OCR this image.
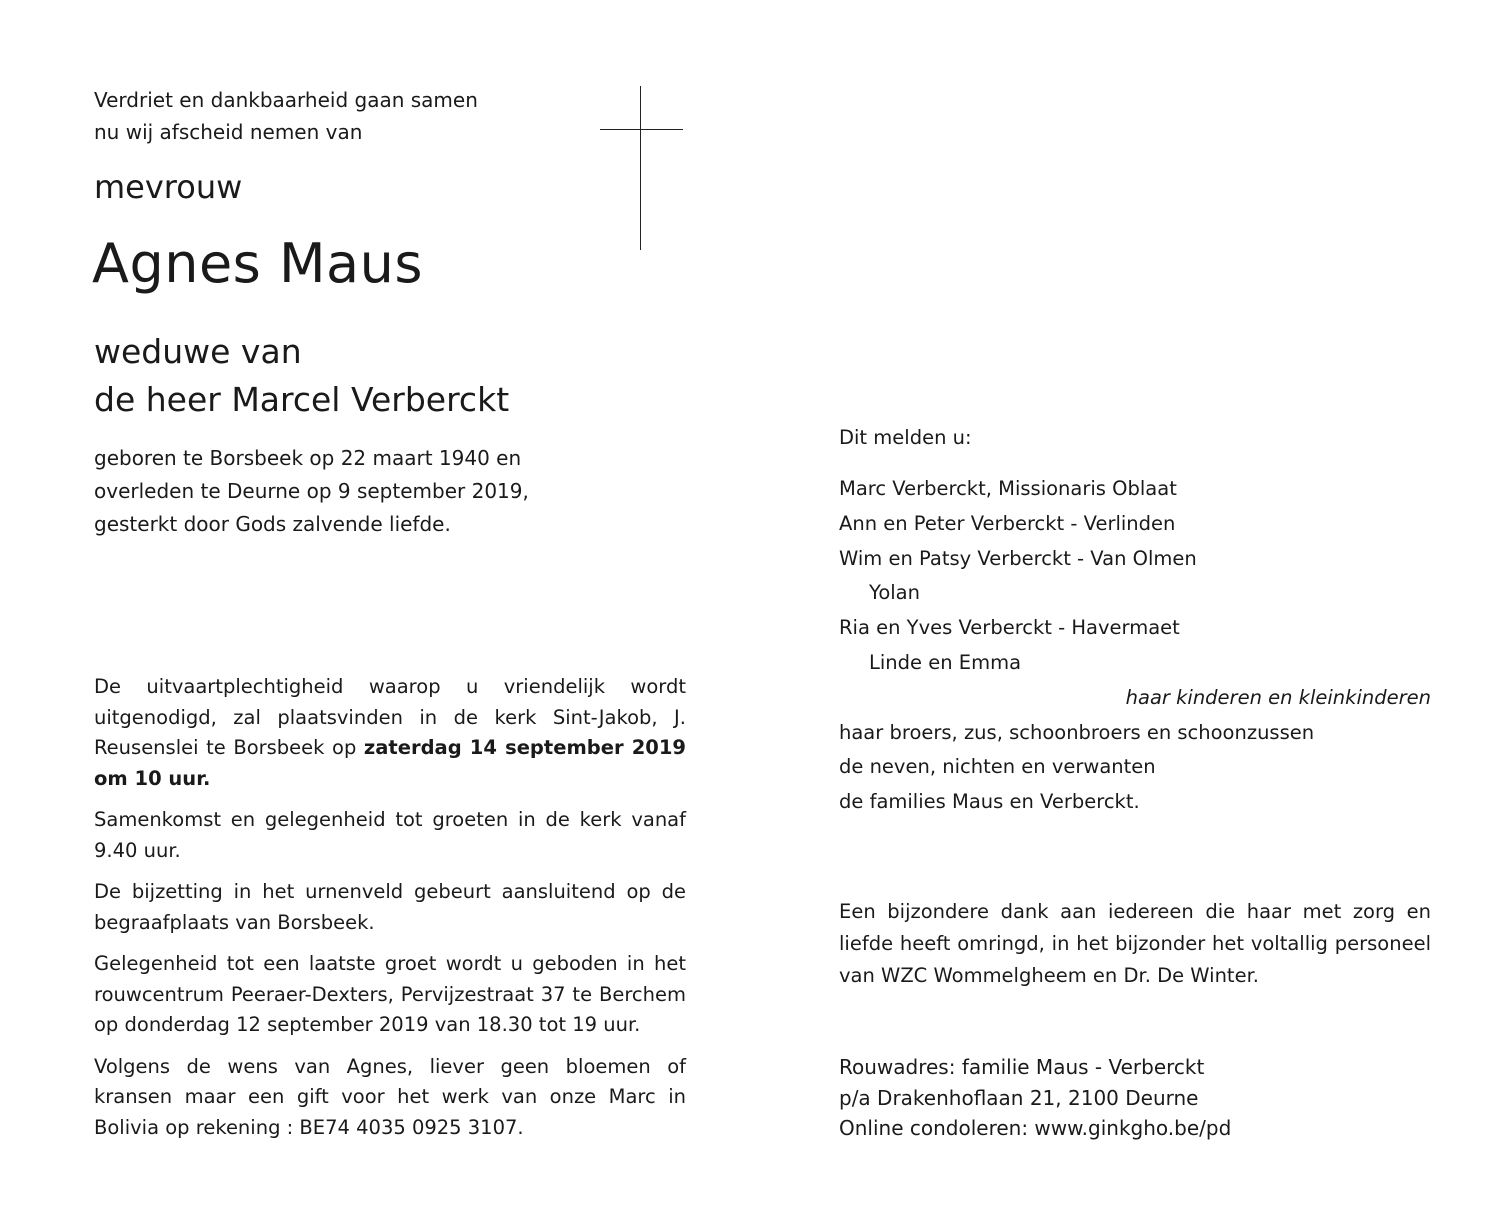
Verdriet en dankbaarheid gaan samen
nu wij afscheid nemen van
mevrouw
Agnes Maus
weduwe van
de heer Marcel Verberckt
geboren te Borsbeek op 22 maart 1940 en
overleden te Deurne op 9 september 2019,
gesterkt door Gods zalvende liefde.

De uitvaartplechtigheid waarop u vriendelijk wordt uitgenodigd, zal plaatsvinden in de kerk Sint-Jakob, J. Reusenslei te Borsbeek op zaterdag 14 september 2019 om 10 uur.

Samenkomst en gelegenheid tot groeten in de kerk vanaf 9.40 uur.

De bijzetting in het urnenveld gebeurt aansluitend op de begraafplaats van Borsbeek.

Gelegenheid tot een laatste groet wordt u geboden in het rouwcentrum Peeraer-Dexters, Pervijzestraat 37 te Berchem op donderdag 12 september 2019 van 18.30 tot 19 uur.

Volgens de wens van Agnes, liever geen bloemen of kransen maar een gift voor het werk van onze Marc in Bolivia op rekening : BE74 4035 0925 3107.

Dit melden u:
Marc Verberckt, Missionaris Oblaat
Ann en Peter Verberckt - Verlinden
Wim en Patsy Verberckt - Van Olmen
Yolan
Ria en Yves Verberckt - Havermaet
Linde en Emma
haar kinderen en kleinkinderen
haar broers, zus, schoonbroers en schoonzussen
de neven, nichten en verwanten
de families Maus en Verberckt.
Een bijzondere dank aan iedereen die haar met zorg en liefde heeft omringd, in het bijzonder het voltallig personeel van WZC Wommelgheem en Dr. De Winter.
Rouwadres: familie Maus - Verberckt
p/a Drakenhoflaan 21, 2100 Deurne
Online condoleren: www.ginkgho.be/pd
